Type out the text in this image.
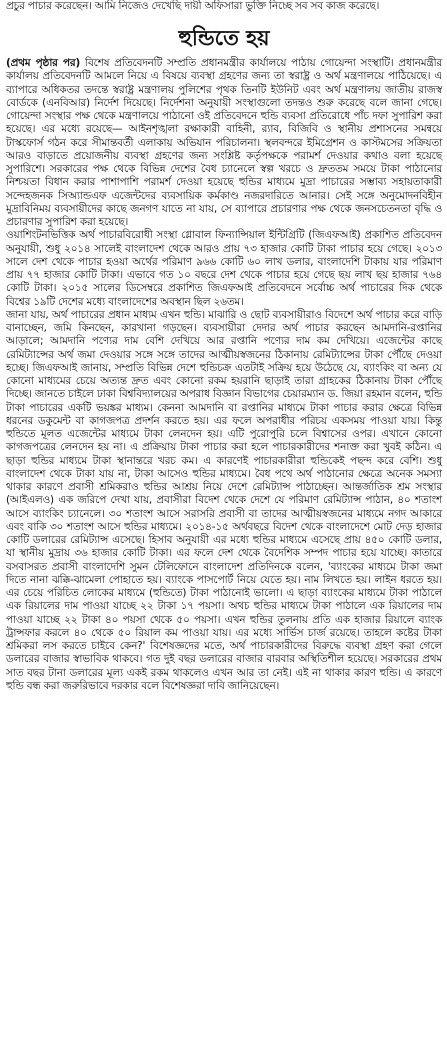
প্রচুর পাচার করেছেন। আমি নিজেও দেখেছি দায়ী অফিসারা ভুক্তি নিচ্ছে সব সব কাজ করেছে।

হুন্ডিতে হয়

(প্রথম পৃষ্ঠার পর) বিশেষ প্রতিবেদনটি সম্প্রতি প্রধানমন্ত্রীর কার্যালয়ে পাঠায় গোয়েন্দা সংস্থাটি। প্রধানমন্ত্রীর কার্যালয় প্রতিবেদনটি আমলে নিয়ে এ বিষয়ে ব্যবস্থা গ্রহণের জন্য তা স্বরাষ্ট্র ও অর্থ মন্ত্রণালয়ে পাঠিয়েছে। এ ব্যাপারে অধিকতর তদন্তে স্বরাষ্ট্র মন্ত্রণালয় পুলিশের পৃথক তিনটি ইউনিট এবং অর্থ মন্ত্রণালয় জাতীয় রাজস্ব বোর্ডকে (এনবিআর) নির্দেশ দিয়েছে। নির্দেশনা অনুযায়ী সংস্থাগুলো তদন্তও শুরু করেছে বলে জানা গেছে। গোয়েন্দা সংস্থার পক্ষ থেকে মন্ত্রণালয়ে পাঠানো ওই প্রতিবেদনে হুন্ডি ব্যবসা প্রতিরোধে পাঁচ দফা সুপারিশ করা হয়েছে। এর মধ্যে রয়েছে— আইনশৃঙ্খলা রক্ষাকারী বাহিনী, র‌্যাব, বিজিবি ও স্থানীয় প্রশাসনের সমন্বয়ে টাস্কফোর্স গঠন করে সীমান্তবর্তী এলাকায় অভিযান পরিচালনা। স্থলবন্দরে ইমিগ্রেশন ও কাস্টমসের সক্রিয়তা আরও বাড়াতে প্রয়োজনীয় ব্যবস্থা গ্রহণের জন্য সংশ্লিষ্ট কর্তৃপক্ষকে পরামর্শ দেওয়ার কথাও বলা হয়েছে সুপারিশে। সরকারের পক্ষ থেকে বিভিন্ন দেশের বৈধ চ্যানেলে স্বল্প খরচে ও দ্রুততম সময়ে টাকা পাঠানোর নিশ্চয়তা বিধান করার পাশাপাশি পরামর্শ দেওয়া হয়েছে হুন্ডির মাধ্যমে মুদ্রা পাচারের সম্ভাব্য সহায়তাকারী সন্দেহজনক সিঅ্যান্ডএফ এজেন্টদের ব্যবসায়িক কর্মকাণ্ড নজরদারিতে আনার। সেই সঙ্গে অনুমোদনবিহীন মুদ্রাবিনিময় ব্যবসায়ীদের কাছে জনগণ যাতে না যায়, সে ব্যাপারে প্রচারণার পক্ষ থেকে জনসচেতনতা বৃদ্ধি ও প্রচারণার সুপারিশ করা হয়েছে।

ওয়াশিংটনভিত্তিক অর্থ পাচারবিরোধী সংস্থা গ্লোবাল ফিন্যান্সিয়াল ইন্টিগ্রিটি (জিএফআই) প্রকাশিত প্রতিবেদন অনুযায়ী, শুধু ২০১৪ সালেই বাংলাদেশ থেকে আরও প্রায় ৭৩ হাজার কোটি টাকা পাচার হয়ে গেছে। ২০১৩ সালে দেশ থেকে পাচার হওয়া অর্থের পরিমাণ ৯৬৬ কোটি ৬০ লাখ ডলার, বাংলাদেশি টাকায় যার পরিমাণ প্রায় ৭৭ হাজার কোটি টাকা। এভাবে গত ১০ বছরে দেশ থেকে পাচার হয়ে গেছে ছয় লাখ ছয় হাজার ৭৬৪ কোটি টাকা। ২০১৫ সালের ডিসেম্বরে প্রকাশিত জিএফআই প্রতিবেদনে সর্বোচ্চ অর্থ পাচারের দিক থেকে বিশ্বের ১৯টি দেশের মধ্যে বাংলাদেশের অবস্থান ছিল ২৬তম।

জানা যায়, অর্থ পাচারের প্রধান মাধ্যম এখন হুন্ডি। মাঝারি ও ছোট ব্যবসায়ীরাও বিদেশে অর্থ পাচার করে বাড়ি বানাচ্ছেন, জমি কিনছেন, কারখানা গড়ছেন। ব্যবসায়ীরা দেদার অর্থ পাচার করছেন আমদানি-রপ্তানির আড়ালে; আমদানি পণ্যের দাম বেশি দেখিয়ে আর রপ্তানি পণ্যের দাম কম দেখিয়ে। এজেন্টের কাছে রেমিট্যান্সের অর্থ জমা দেওয়ার সঙ্গে সঙ্গে তাদের আত্মীয়স্বজনের ঠিকানায় রেমিট্যান্সের টাকা পৌঁছে দেওয়া হচ্ছে। জিএফআই জানায়, সম্প্রতি বিভিন্ন দেশে হুন্ডিচক্র এতটাই সক্রিয় হয়ে উঠেছে যে, ব্যাংকিং বা অন্য যে কোনো মাধ্যমের চেয়ে অত্যন্ত দ্রুত এবং কোনো রকম হয়রানি ছাড়াই তারা গ্রাহকের ঠিকানায় টাকা পৌঁছে দিচ্ছে। জানতে চাইলে ঢাকা বিশ্ববিদ্যালয়ের অপরাধ বিজ্ঞান বিভাগের চেয়ারম্যান ড. জিয়া রহমান বলেন, হুন্ডি টাকা পাচারের একটি ভয়ঙ্কর মাধ্যম। কেননা আমদানি বা রপ্তানির মাধ্যমে টাকা পাচার করার ক্ষেত্রে বিভিন্ন ধরনের ডকুমেন্ট বা কাগজপত্র প্রদর্শন করতে হয়। এর ফলে অপরাধীর পরিচয় একসময় পাওয়া যায়। কিন্তু হুন্ডিতে মূলত এজেন্টের মাধ্যমে টাকা লেনদেন হয়। এটি পুরোপুরি চলে বিশ্বাসের ওপর। এখানে কোনো কাগজপত্রের লেনদেন হয় না। এ প্রক্রিয়ায় টাকা পাচার করা হলে পাচারকারীদের শনাক্ত করা খুবই কঠিন। এ ছাড়া হুন্ডির মাধ্যমে টাকা স্থানান্তরে খরচ কম। এ কারণেই পাচারকারীরা হুন্ডিকেই পছন্দ করে বেশি। শুধু বাংলাদেশ থেকে টাকা যায় না, টাকা আসেও হুন্ডির মাধ্যমে। বৈধ পথে অর্থ পাঠানোর ক্ষেত্রে অনেক সমস্যা থাকার কারণে প্রবাসী শ্রমিকরাও হুন্ডির আশ্রয় নিয়ে দেশে রেমিট্যান্স পাঠাচ্ছেন। আন্তর্জাতিক শ্রম সংস্থার (আইএলও) এক জরিপে দেখা যায়, প্রবাসীরা বিদেশ থেকে দেশে যে পরিমাণ রেমিট্যান্স পাঠান, ৪০ শতাংশ আসে ব্যাংকিং চ্যানেলে। ৩০ শতাংশ আসে সরাসরি প্রবাসী বা তাদের আত্মীয়স্বজনের মাধ্যমে নগদ আকারে এবং বাকি ৩০ শতাংশ আসে হুন্ডির মাধ্যমে। ২০১৪-১৫ অর্থবছরে বিদেশ থেকে বাংলাদেশে মোট দেড় হাজার কোটি ডলারের রেমিট্যান্স এসেছে। হিসাব অনুযায়ী এর মধ্যে হুন্ডির মাধ্যমে এসেছে প্রায় ৪৫০ কোটি ডলার, যা স্থানীয় মুদ্রায় ৩৬ হাজার কোটি টাকা। এর ফলে দেশ থেকে বৈদেশিক সম্পদ পাচার হয়ে যাচ্ছে। কাতারে বসবাসরত প্রবাসী বাংলাদেশি সুমন টেলিফোনে বাংলাদেশ প্রতিদিনকে বলেন, 'ব্যাংকের মাধ্যমে টাকা জমা দিতে নানা ঝক্কি-ঝামেলা পোহাতে হয়। ব্যাংকে পাসপোর্ট নিয়ে যেতে হয়। নাম লিখতে হয়। লাইন ধরতে হয়। এর চেয়ে পরিচিত লোকের মাধ্যমে (হুন্ডিতে) টাকা পাঠানোই ভালো। এ ছাড়া ব্যাংকের মাধ্যমে টাকা পাঠালে এক রিয়ালের দাম পাওয়া যাচ্ছে ২২ টাকা ১৭ পয়সা। অথচ হুন্ডির মাধ্যমে টাকা পাঠালে এক রিয়ালের দাম পাওয়া যাচ্ছে ২২ টাকা ৪০ পয়সা থেকে ৫০ পয়সা। এখন হুন্ডির তুলনায় প্রতি এক হাজার রিয়ালে ব্যাংক ট্রান্সফার করলে ৪০ থেকে ৫০ রিয়াল কম পাওয়া যায়। এর মধ্যে সার্ভিস চার্জ রয়েছে। তাহলে কষ্টের টাকা শ্রমিকরা লস করতে চাইবে কেন?' বিশেষজ্ঞদের মতে, অর্থ পাচারকারীদের বিরুদ্ধে ব্যবস্থা গ্রহণ করা গেলে ডলারের বাজার স্বাভাবিক থাকবে। গত দুই বছর ডলারের বাজার বারবার অস্থিতিশীল হয়েছে। সরকারের প্রথম সাত বছর টানা ডলারের মূল্য একই রকম থাকলেও এখন আর তা নেই। এই না থাকার কারণ হুন্ডি। এ কারণে হুন্ডি বন্ধ করা জরুরিভাবে দরকার বলে বিশেষজ্ঞরা দাবি জানিয়েছেন।
